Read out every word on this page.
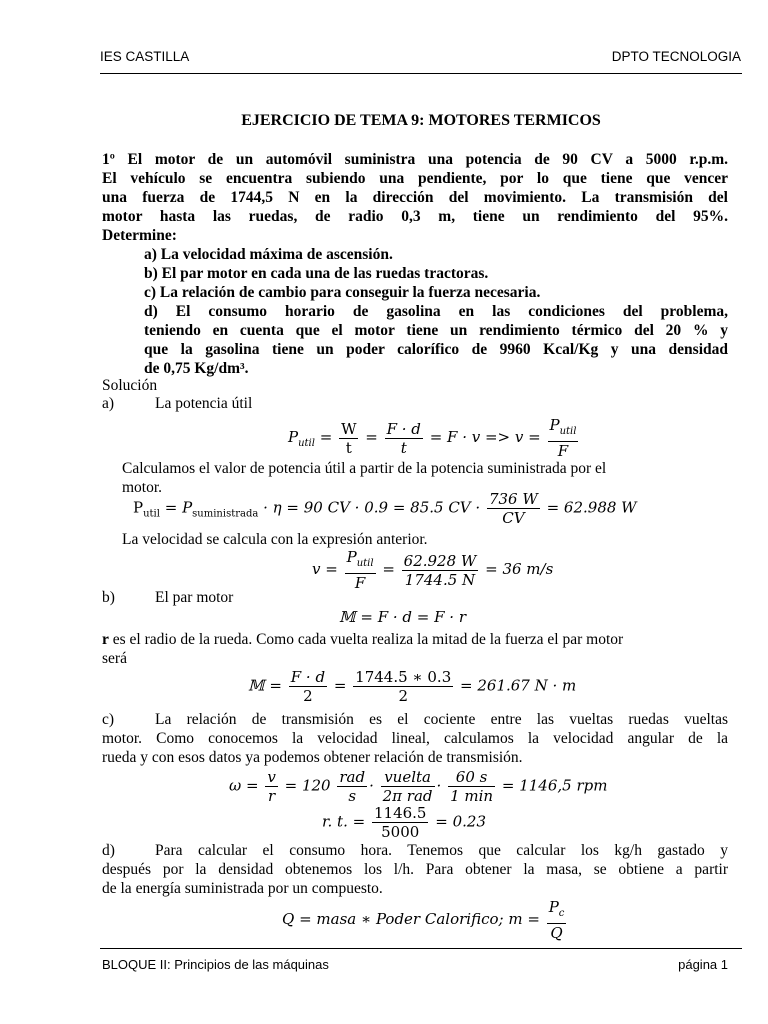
IES CASTILLA	DPTO TECNOLOGIA
EJERCICIO DE TEMA 9: MOTORES TERMICOS
1º El motor de un automóvil suministra una potencia de 90 CV a 5000 r.p.m.
El vehículo se encuentra subiendo una pendiente, por lo que tiene que vencer
una fuerza de 1744,5 N en la dirección del movimiento. La transmisión del
motor hasta las ruedas, de radio 0,3 m, tiene un rendimiento del 95%.
Determine:
a) La velocidad máxima de ascensión.
b) El par motor en cada una de las ruedas tractoras.
c) La relación de cambio para conseguir la fuerza necesaria.
d) El consumo horario de gasolina en las condiciones del problema,
teniendo en cuenta que el motor tiene un rendimiento térmico del 20 % y
que la gasolina tiene un poder calorífico de 9960 Kcal/Kg y una densidad
de 0,75 Kg/dm³.
Solución
a)	La potencia útil
$P_{util} = \frac{W}{t} = \frac{F \cdot d}{t} = F \cdot v => v = \frac{P_{util}}{F}$
Calculamos el valor de potencia útil a partir de la potencia suministrada por el
motor.
$P_{util} = P_{suministrada} \cdot \eta = 90$ CV · 0.9 = 85.5 CV · $\frac{736 W}{CV} = 62.988$ W
La velocidad se calcula con la expresión anterior.
$v = \frac{P_{util}}{F} = \frac{62.928 W}{1744.5 N} = 36$ m/s
b)	El par motor
𝕄 = F · d = F · r
r es el radio de la rueda. Como cada vuelta realiza la mitad de la fuerza el par motor
será
𝕄 = $\frac{F \cdot d}{2} = \frac{1744.5 ∗ 0.3}{2} = 261.67$ N · m
c)	La relación de transmisión es el cociente entre las vueltas ruedas vueltas
motor. Como conocemos la velocidad lineal, calculamos la velocidad angular de la
rueda y con esos datos ya podemos obtener relación de transmisión.
$\omega = \frac{v}{r} = 120 \frac{\text{rad}}{s} \cdot \frac{\text{vuelta}}{\text{2π rad}} \cdot \frac{60 s}{1 \min} = 1146,5$ rpm
r. t. = $\frac{1146.5}{5000} = 0.23$
d)	Para calcular el consumo hora. Tenemos que calcular los kg/h gastado y
después por la densidad obtenemos los l/h. Para obtener la masa, se obtiene a partir
de la energía suministrada por un compuesto.
Q = masa ∗ Poder Calorifico; $m = \frac{P_c}{Q}$
BLOQUE II: Principios de las máquinas	página 1
